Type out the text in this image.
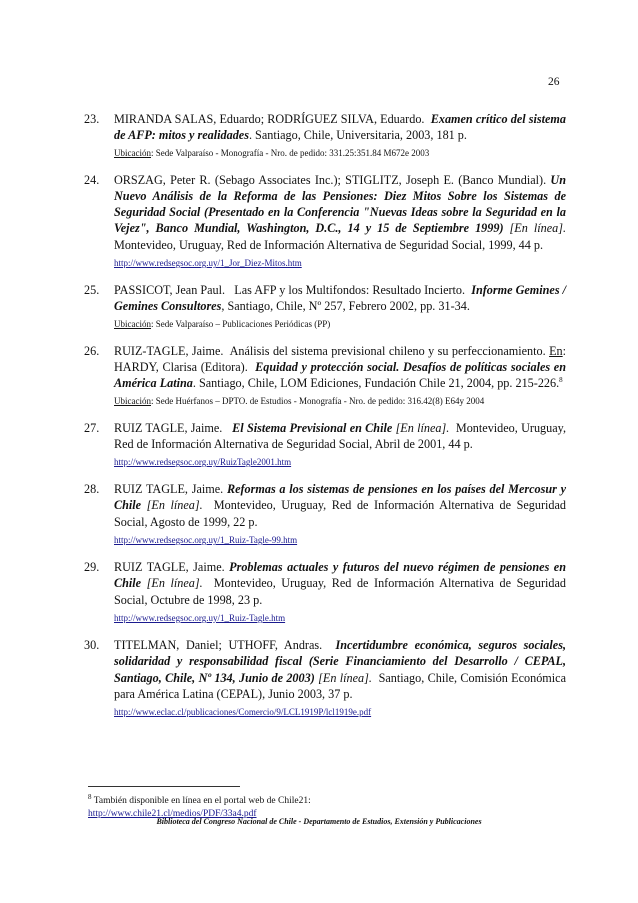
26
23. MIRANDA SALAS, Eduardo; RODRÍGUEZ SILVA, Eduardo. Examen crítico del sistema de AFP: mitos y realidades. Santiago, Chile, Universitaria, 2003, 181 p.
Ubicación: Sede Valparaíso - Monografía - Nro. de pedido: 331.25:351.84 M672e 2003
24. ORSZAG, Peter R. (Sebago Associates Inc.); STIGLITZ, Joseph E. (Banco Mundial). Un Nuevo Análisis de la Reforma de las Pensiones: Diez Mitos Sobre los Sistemas de Seguridad Social (Presentado en la Conferencia "Nuevas Ideas sobre la Seguridad en la Vejez", Banco Mundial, Washington, D.C., 14 y 15 de Septiembre 1999) [En línea]. Montevideo, Uruguay, Red de Información Alternativa de Seguridad Social, 1999, 44 p.
http://www.redsegsoc.org.uy/1_Jor_Diez-Mitos.htm
25. PASSICOT, Jean Paul. Las AFP y los Multifondos: Resultado Incierto. Informe Gemines / Gemines Consultores, Santiago, Chile, Nº 257, Febrero 2002, pp. 31-34.
Ubicación: Sede Valparaíso – Publicaciones Periódicas (PP)
26. RUIZ-TAGLE, Jaime. Análisis del sistema previsional chileno y su perfeccionamiento. En: HARDY, Clarisa (Editora). Equidad y protección social. Desafíos de políticas sociales en América Latina. Santiago, Chile, LOM Ediciones, Fundación Chile 21, 2004, pp. 215-226.$^8$
Ubicación: Sede Huérfanos – DPTO. de Estudios - Monografía - Nro. de pedido: 316.42(8) E64y 2004
27. RUIZ TAGLE, Jaime. El Sistema Previsional en Chile [En línea]. Montevideo, Uruguay, Red de Información Alternativa de Seguridad Social, Abril de 2001, 44 p.
http://www.redsegsoc.org.uy/RuizTagle2001.htm
28. RUIZ TAGLE, Jaime. Reformas a los sistemas de pensiones en los países del Mercosur y Chile [En línea]. Montevideo, Uruguay, Red de Información Alternativa de Seguridad Social, Agosto de 1999, 22 p.
http://www.redsegsoc.org.uy/1_Ruiz-Tagle-99.htm
29. RUIZ TAGLE, Jaime. Problemas actuales y futuros del nuevo régimen de pensiones en Chile [En línea]. Montevideo, Uruguay, Red de Información Alternativa de Seguridad Social, Octubre de 1998, 23 p.
http://www.redsegsoc.org.uy/1_Ruiz-Tagle.htm
30. TITELMAN, Daniel; UTHOFF, Andras. Incertidumbre económica, seguros sociales, solidaridad y responsabilidad fiscal (Serie Financiamiento del Desarrollo / CEPAL, Santiago, Chile, Nº 134, Junio de 2003) [En línea]. Santiago, Chile, Comisión Económica para América Latina (CEPAL), Junio 2003, 37 p.
http://www.eclac.cl/publicaciones/Comercio/9/LCL1919P/lcl1919e.pdf
$^8$ También disponible en línea en el portal web de Chile21:
http://www.chile21.cl/medios/PDF/33a4.pdf
Biblioteca del Congreso Nacional de Chile - Departamento de Estudios, Extensión y Publicaciones
